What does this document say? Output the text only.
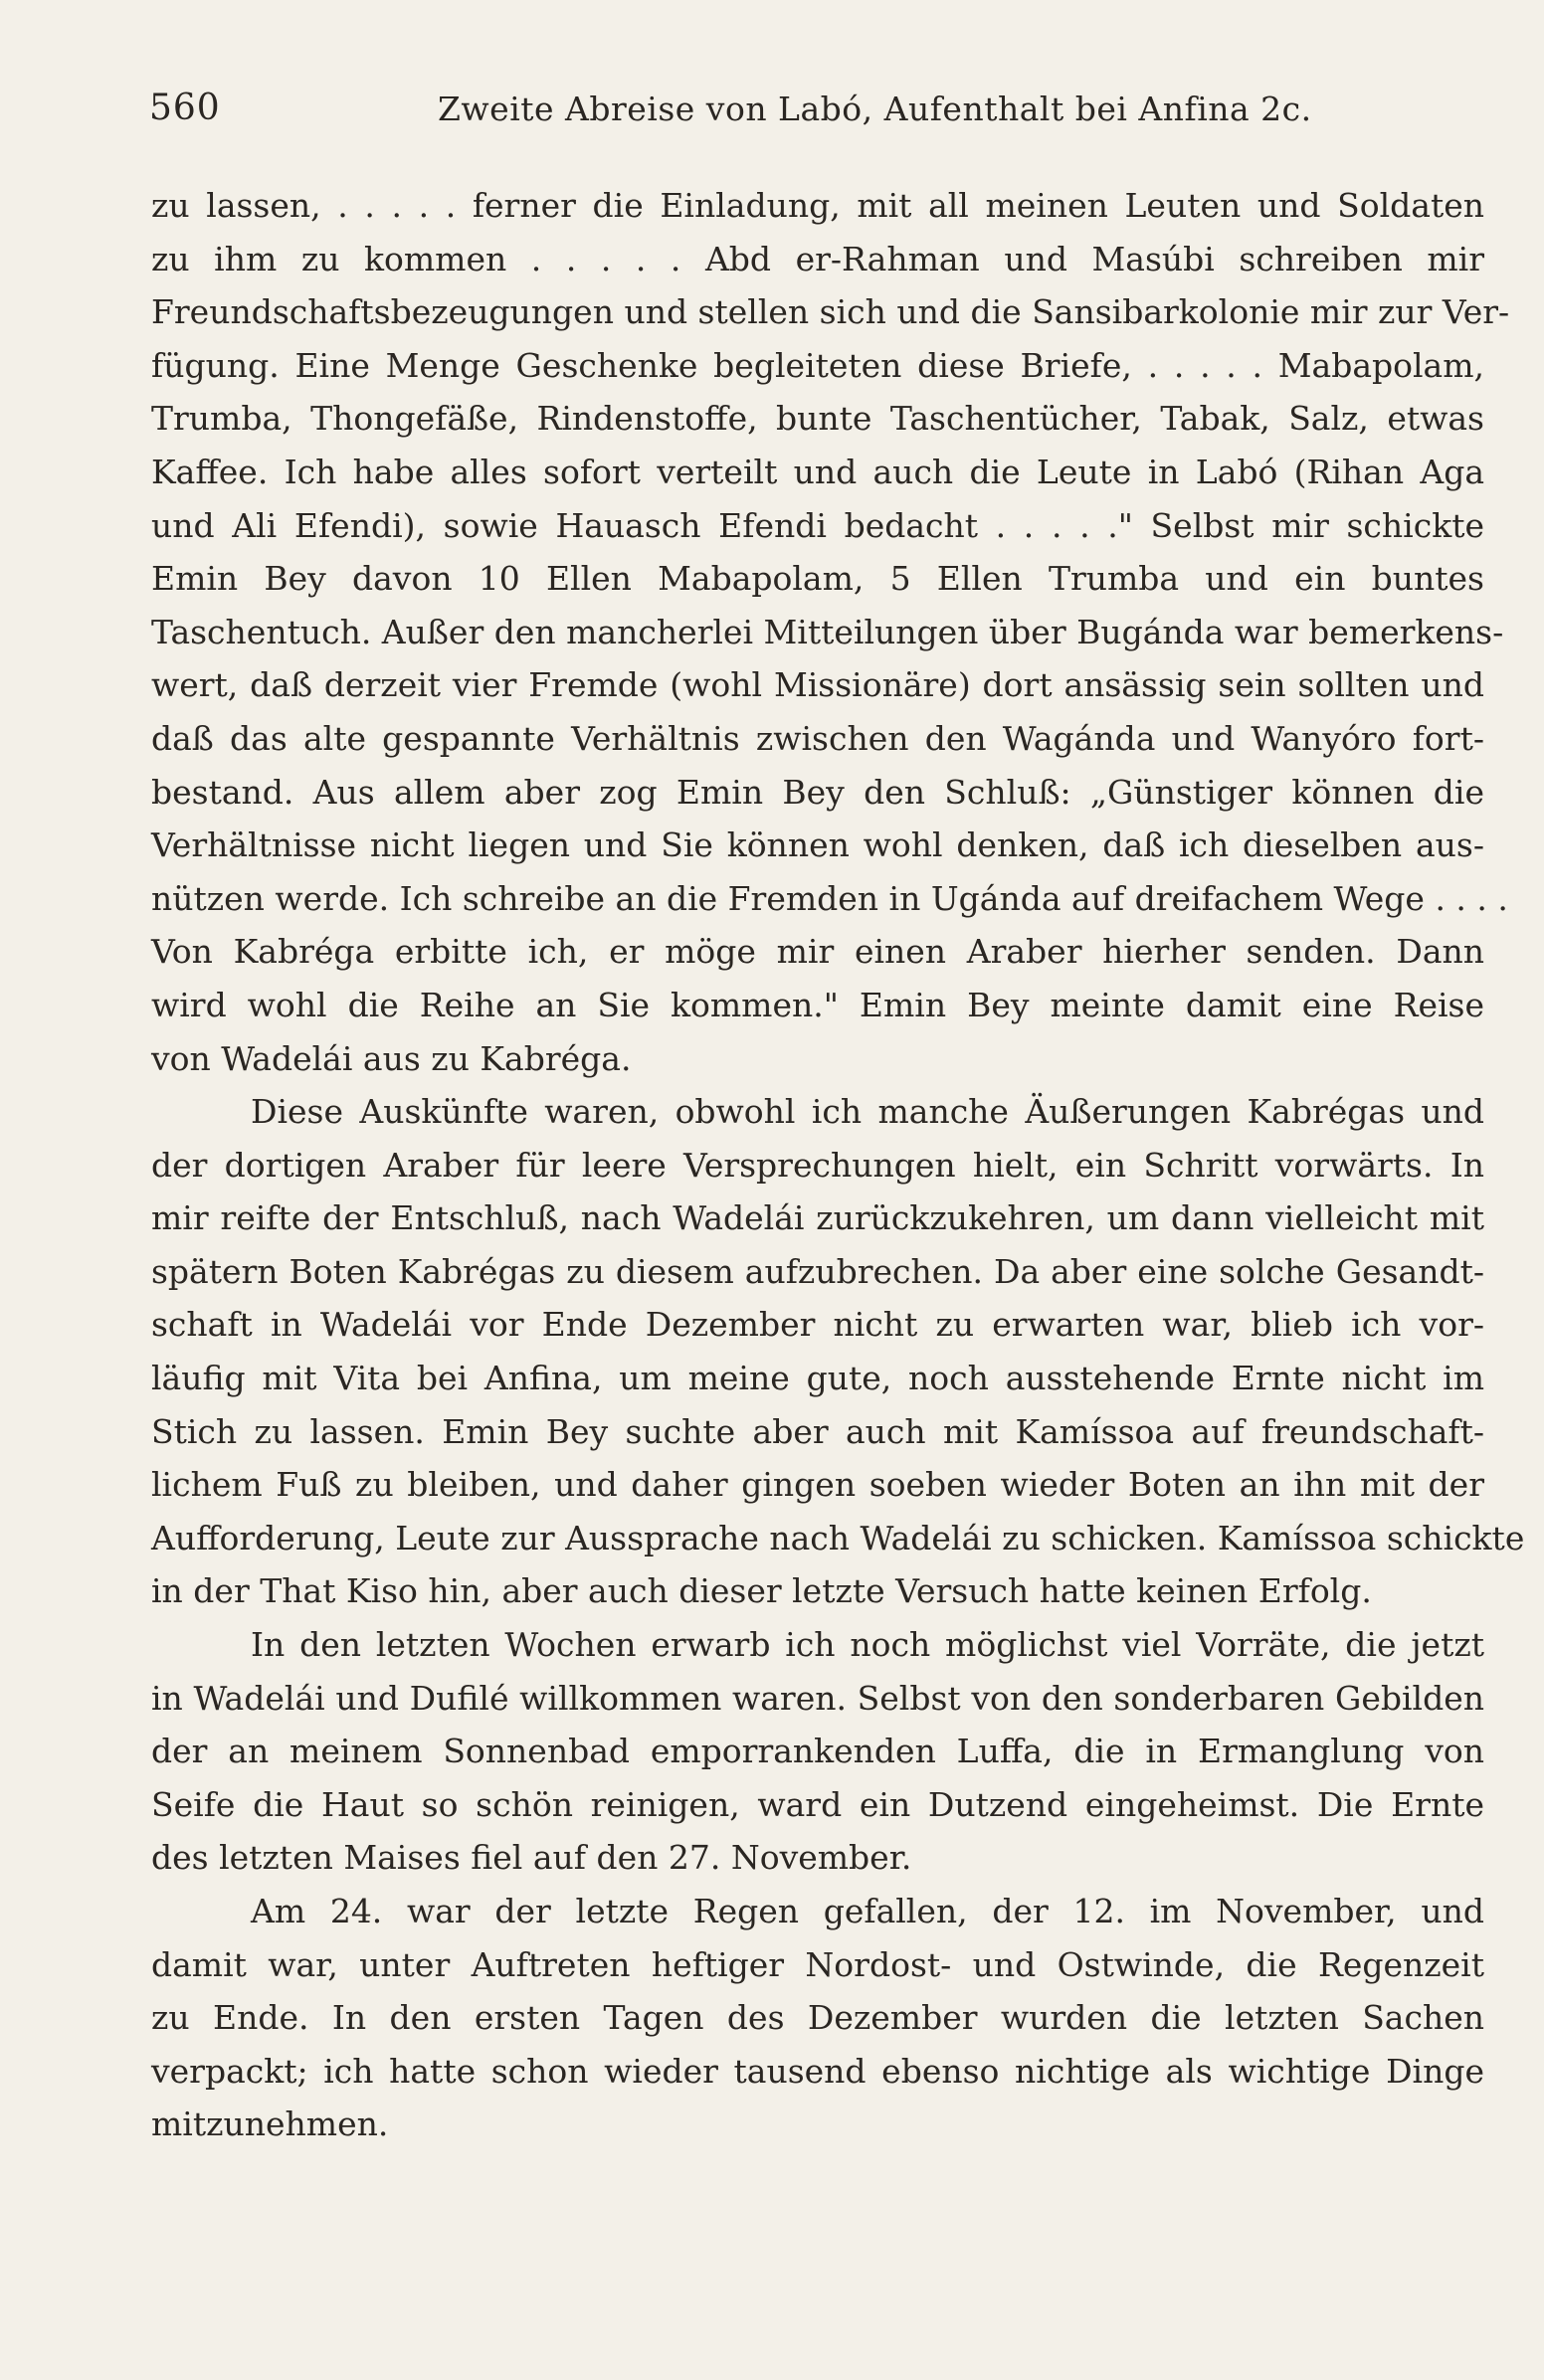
560	Zweite Abreise von Labó, Aufenthalt bei Anfina 2c.
zu lassen, . . . . . ferner die Einladung, mit all meinen Leuten und Soldaten
zu ihm zu kommen . . . . . Abd er-Rahman und Masúbi schreiben mir
Freundschaftsbezeugungen und stellen sich und die Sansibarkolonie mir zur Ver-
fügung. Eine Menge Geschenke begleiteten diese Briefe, . . . . . Mabapolam,
Trumba, Thongefäße, Rindenstoffe, bunte Taschentücher, Tabak, Salz, etwas
Kaffee. Ich habe alles sofort verteilt und auch die Leute in Labó (Rihan Aga
und Ali Efendi), sowie Hauasch Efendi bedacht . . . . ." Selbst mir schickte
Emin Bey davon 10 Ellen Mabapolam, 5 Ellen Trumba und ein buntes
Taschentuch. Außer den mancherlei Mitteilungen über Bugánda war bemerkens-
wert, daß derzeit vier Fremde (wohl Missionäre) dort ansässig sein sollten und
daß das alte gespannte Verhältnis zwischen den Wagánda und Wanyóro fort-
bestand. Aus allem aber zog Emin Bey den Schluß: „Günstiger können die
Verhältnisse nicht liegen und Sie können wohl denken, daß ich dieselben aus-
nützen werde. Ich schreibe an die Fremden in Ugánda auf dreifachem Wege . . . .
Von Kabréga erbitte ich, er möge mir einen Araber hierher senden. Dann
wird wohl die Reihe an Sie kommen." Emin Bey meinte damit eine Reise
von Wadelái aus zu Kabréga.
Diese Auskünfte waren, obwohl ich manche Äußerungen Kabrégas und
der dortigen Araber für leere Versprechungen hielt, ein Schritt vorwärts. In
mir reifte der Entschluß, nach Wadelái zurückzukehren, um dann vielleicht mit
spätern Boten Kabrégas zu diesem aufzubrechen. Da aber eine solche Gesandt-
schaft in Wadelái vor Ende Dezember nicht zu erwarten war, blieb ich vor-
läufig mit Vita bei Anfina, um meine gute, noch ausstehende Ernte nicht im
Stich zu lassen. Emin Bey suchte aber auch mit Kamíssoa auf freundschaft-
lichem Fuß zu bleiben, und daher gingen soeben wieder Boten an ihn mit der
Aufforderung, Leute zur Aussprache nach Wadelái zu schicken. Kamíssoa schickte
in der That Kiso hin, aber auch dieser letzte Versuch hatte keinen Erfolg.
In den letzten Wochen erwarb ich noch möglichst viel Vorräte, die jetzt
in Wadelái und Dufilé willkommen waren. Selbst von den sonderbaren Gebilden
der an meinem Sonnenbad emporrankenden Luffa, die in Ermanglung von
Seife die Haut so schön reinigen, ward ein Dutzend eingeheimst. Die Ernte
des letzten Maises fiel auf den 27. November.
Am 24. war der letzte Regen gefallen, der 12. im November, und
damit war, unter Auftreten heftiger Nordost- und Ostwinde, die Regenzeit
zu Ende. In den ersten Tagen des Dezember wurden die letzten Sachen
verpackt; ich hatte schon wieder tausend ebenso nichtige als wichtige Dinge
mitzunehmen.
